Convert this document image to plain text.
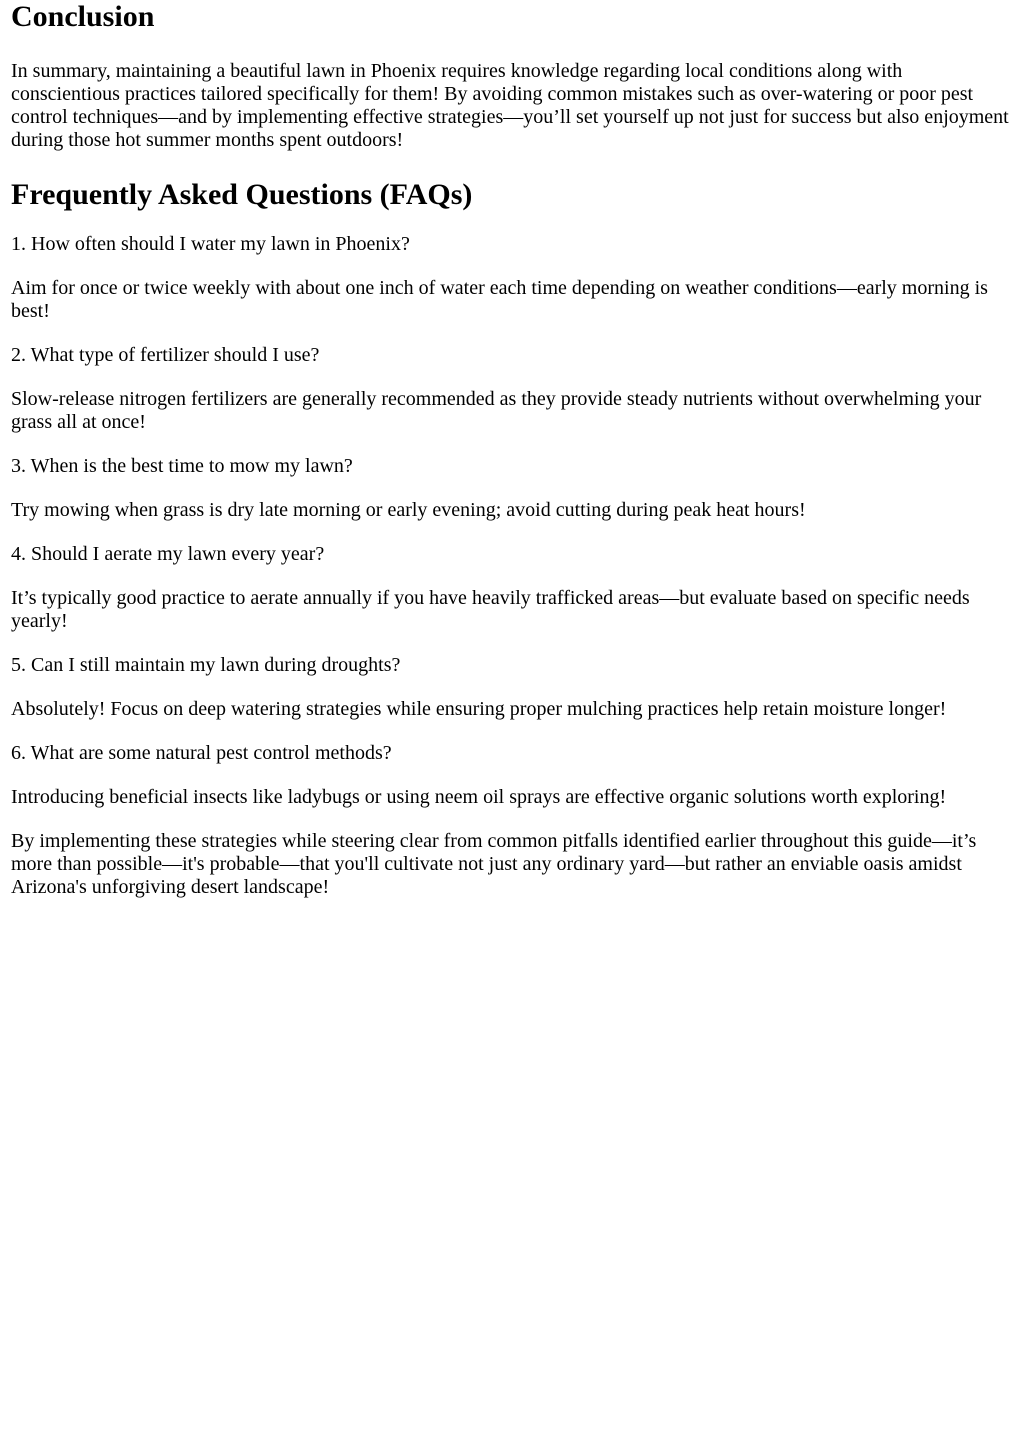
Conclusion

In summary, maintaining a beautiful lawn in Phoenix requires knowledge regarding local conditions along with conscientious practices tailored specifically for them! By avoiding common mistakes such as over-watering or poor pest control techniques—and by implementing effective strategies—you’ll set yourself up not just for success but also enjoyment during those hot summer months spent outdoors!

Frequently Asked Questions (FAQs)

1. How often should I water my lawn in Phoenix?

Aim for once or twice weekly with about one inch of water each time depending on weather conditions—early morning is best!

2. What type of fertilizer should I use?

Slow-release nitrogen fertilizers are generally recommended as they provide steady nutrients without overwhelming your grass all at once!

3. When is the best time to mow my lawn?

Try mowing when grass is dry late morning or early evening; avoid cutting during peak heat hours!

4. Should I aerate my lawn every year?

It’s typically good practice to aerate annually if you have heavily trafficked areas—but evaluate based on specific needs yearly!

5. Can I still maintain my lawn during droughts?

Absolutely! Focus on deep watering strategies while ensuring proper mulching practices help retain moisture longer!

6. What are some natural pest control methods?

Introducing beneficial insects like ladybugs or using neem oil sprays are effective organic solutions worth exploring!

By implementing these strategies while steering clear from common pitfalls identified earlier throughout this guide—it’s more than possible—it's probable—that you'll cultivate not just any ordinary yard—but rather an enviable oasis amidst Arizona's unforgiving desert landscape!
